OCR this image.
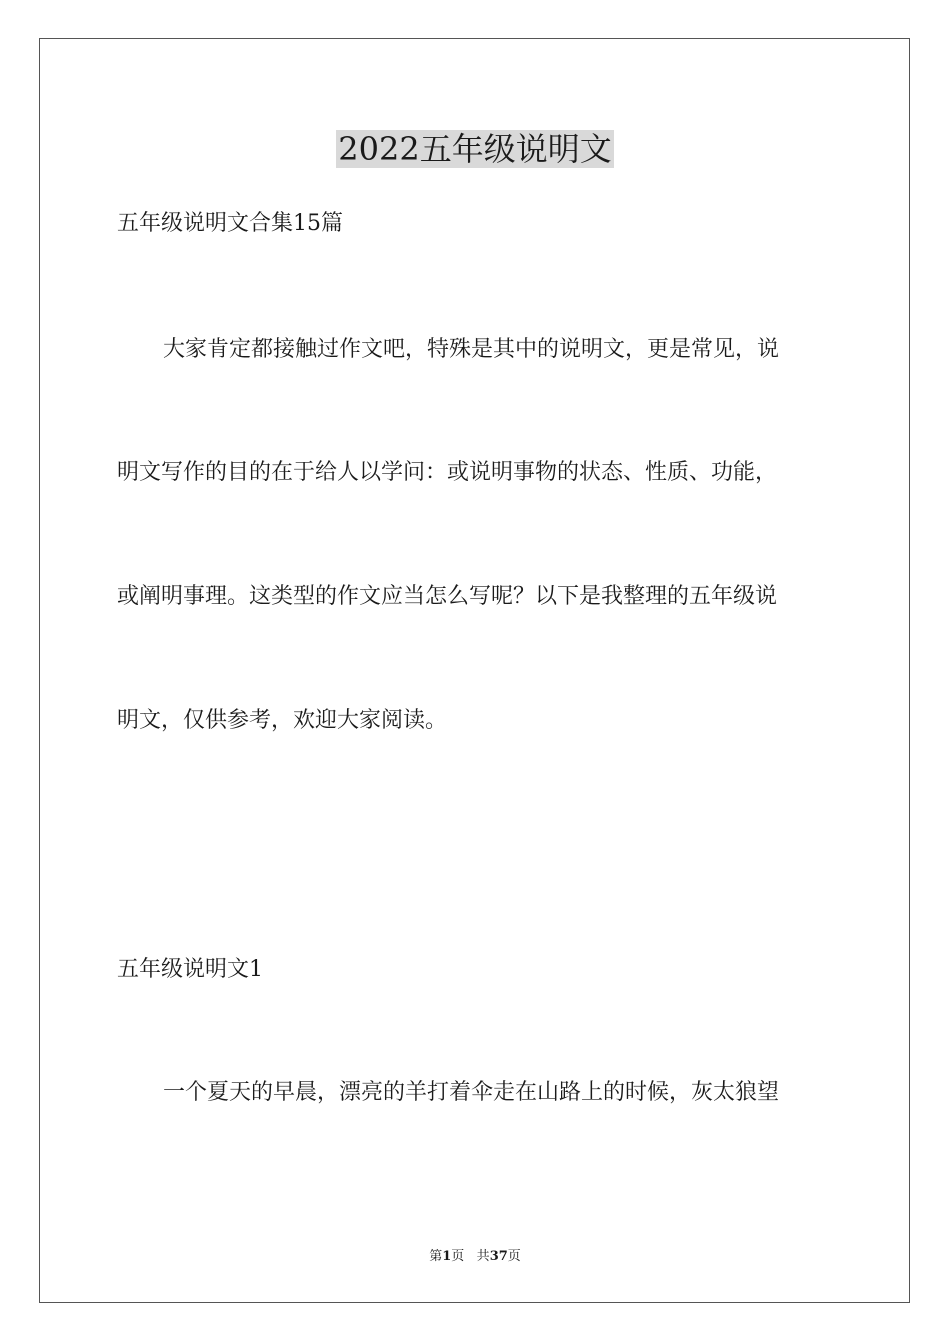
2022五年级说明文
五年级说明文合集15篇
大家肯定都接触过作文吧，特殊是其中的说明文，更是常见，说
明文写作的目的在于给人以学问：或说明事物的状态、性质、功能，
或阐明事理。这类型的作文应当怎么写呢？以下是我整理的五年级说
明文，仅供参考，欢迎大家阅读。
五年级说明文1
一个夏天的早晨，漂亮的羊打着伞走在山路上的时候，灰太狼望
第1页 共37页
